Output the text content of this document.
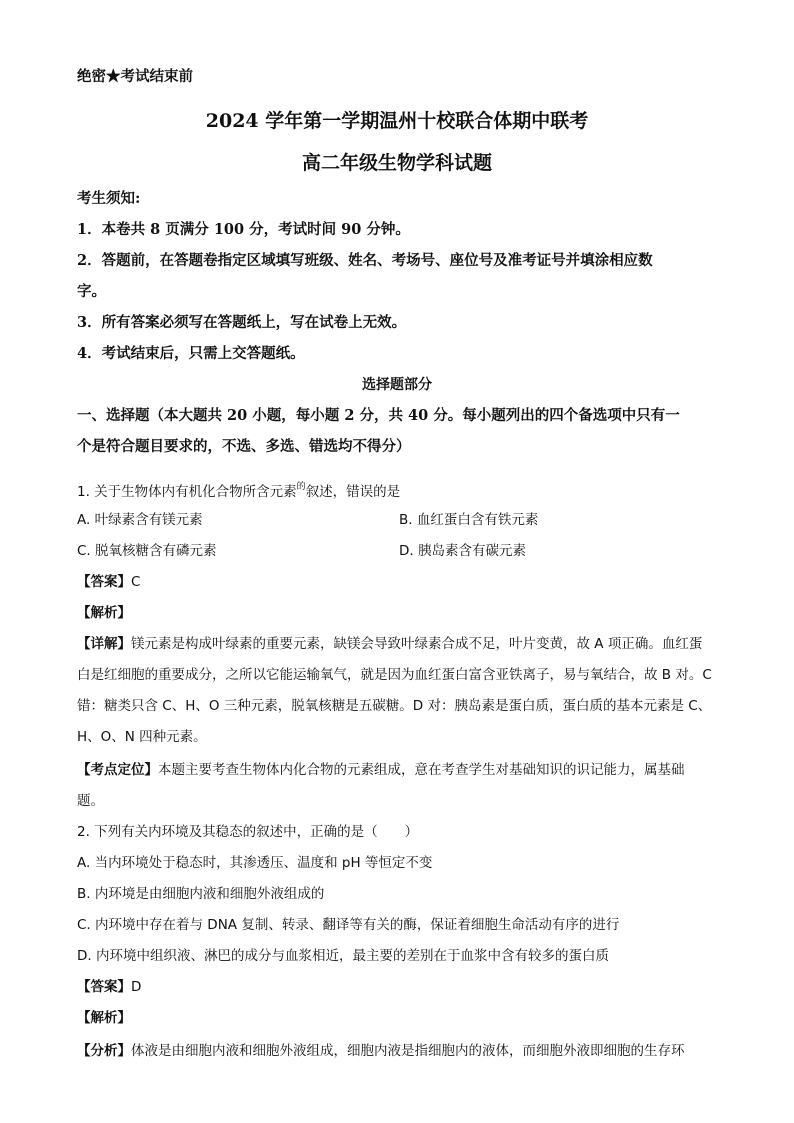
绝密★考试结束前
2024 学年第一学期温州十校联合体期中联考
高二年级生物学科试题
考生须知:
1．本卷共 8 页满分 100 分，考试时间 90 分钟。
2．答题前，在答题卷指定区域填写班级、姓名、考场号、座位号及准考证号并填涂相应数
字。
3．所有答案必须写在答题纸上，写在试卷上无效。
4．考试结束后，只需上交答题纸。
选择题部分
一、选择题（本大题共 20 小题，每小题 2 分，共 40 分。每小题列出的四个备选项中只有一
个是符合题目要求的，不选、多选、错选均不得分）
1. 关于生物体内有机化合物所含元素$^的$叙述，错误的是
A. 叶绿素含有镁元素	B. 血红蛋白含有铁元素
C. 脱氧核糖含有磷元素	D. 胰岛素含有碳元素
【答案】C
【解析】
【详解】镁元素是构成叶绿素的重要元素，缺镁会导致叶绿素合成不足，叶片变黄，故 A 项正确。血红蛋
白是红细胞的重要成分，之所以它能运输氧气，就是因为血红蛋白富含亚铁离子，易与氧结合，故 B 对。C
错：糖类只含 C、H、O 三种元素，脱氧核糖是五碳糖。D 对：胰岛素是蛋白质，蛋白质的基本元素是 C、
H、O、N 四种元素。
【考点定位】本题主要考查生物体内化合物的元素组成，意在考查学生对基础知识的识记能力，属基础
题。
2. 下列有关内环境及其稳态的叙述中，正确的是（　　）
A. 当内环境处于稳态时，其渗透压、温度和 pH 等恒定不变
B. 内环境是由细胞内液和细胞外液组成的
C. 内环境中存在着与 DNA 复制、转录、翻译等有关的酶，保证着细胞生命活动有序的进行
D. 内环境中组织液、淋巴的成分与血浆相近，最主要的差别在于血浆中含有较多的蛋白质
【答案】D
【解析】
【分析】体液是由细胞内液和细胞外液组成，细胞内液是指细胞内的液体，而细胞外液即细胞的生存环
